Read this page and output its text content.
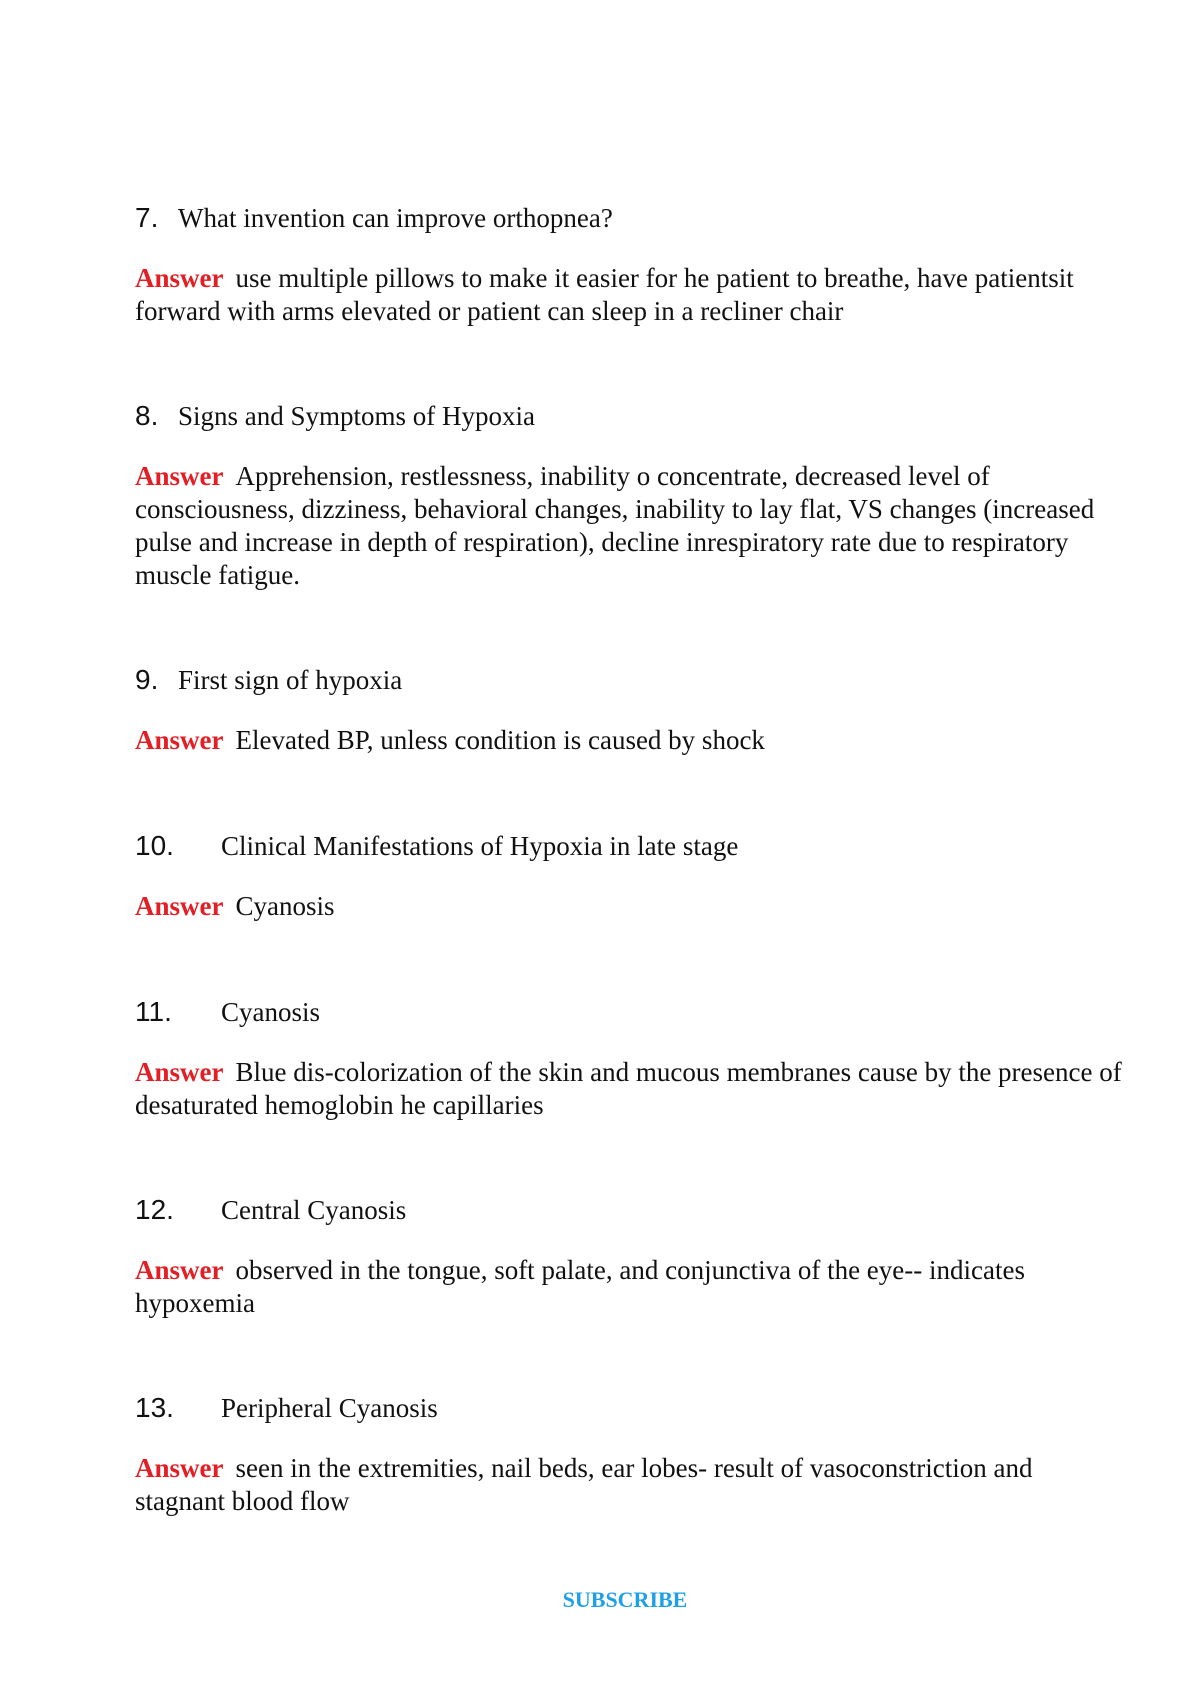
7. What invention can improve orthopnea?

Answer use multiple pillows to make it easier for he patient to breathe, have patientsit forward with arms elevated or patient can sleep in a recliner chair

8. Signs and Symptoms of Hypoxia

Answer Apprehension, restlessness, inability o concentrate, decreased level of consciousness, dizziness, behavioral changes, inability to lay flat, VS changes (increased pulse and increase in depth of respiration), decline inrespiratory rate due to respiratory muscle fatigue.

9. First sign of hypoxia

Answer Elevated BP, unless condition is caused by shock

10. Clinical Manifestations of Hypoxia in late stage

Answer Cyanosis

11. Cyanosis

Answer Blue dis-colorization of the skin and mucous membranes cause by the presence of desaturated hemoglobin he capillaries

12. Central Cyanosis

Answer observed in the tongue, soft palate, and conjunctiva of the eye-- indicates hypoxemia

13. Peripheral Cyanosis

Answer seen in the extremities, nail beds, ear lobes- result of vasoconstriction and stagnant blood flow

SUBSCRIBE
